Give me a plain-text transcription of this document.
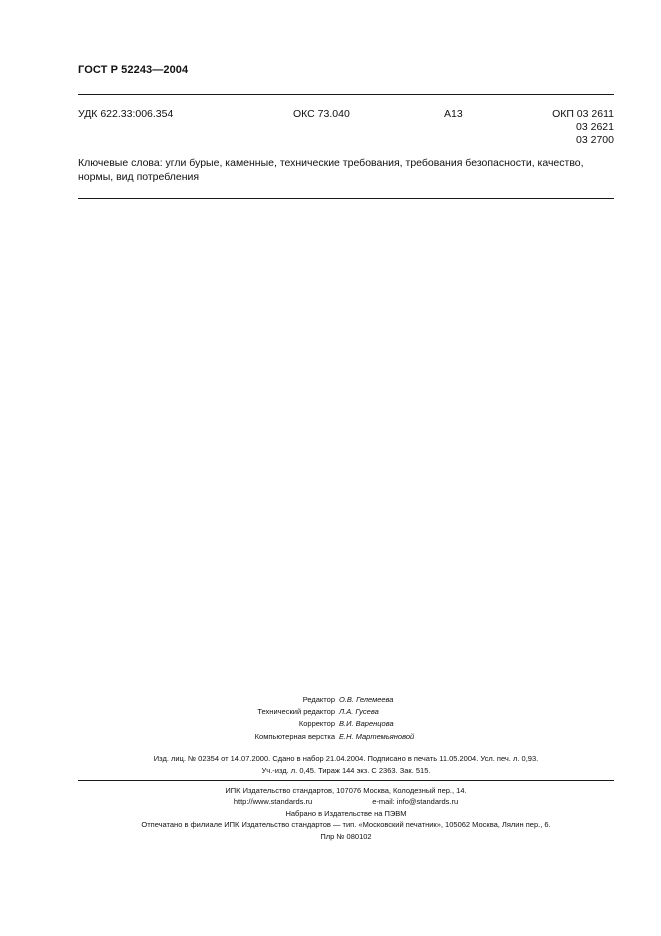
ГОСТ Р 52243—2004
УДК 622.33:006.354	ОКС 73.040	А13	ОКП 03 2611
03 2621
03 2700
Ключевые слова: угли бурые, каменные, технические требования, требования безопасности, качество, нормы, вид потребления
Редактор О.В. Гелемеева
Технический редактор Л.А. Гусева
Корректор В.И. Варенцова
Компьютерная верстка Е.Н. Мартемьяновой
Изд. лиц. № 02354 от 14.07.2000. Сдано в набор 21.04.2004. Подписано в печать 11.05.2004. Усл. печ. л. 0,93.
Уч.-изд. л. 0,45. Тираж 144 экз. С 2363. Зак. 515.
ИПК Издательство стандартов, 107076 Москва, Колодезный пер., 14.
http://www.standards.ru	e-mail: info@standards.ru
Набрано в Издательстве на ПЭВМ
Отпечатано в филиале ИПК Издательство стандартов — тип. «Московский печатник», 105062 Москва, Лялин пер., 6.
Плр № 080102
